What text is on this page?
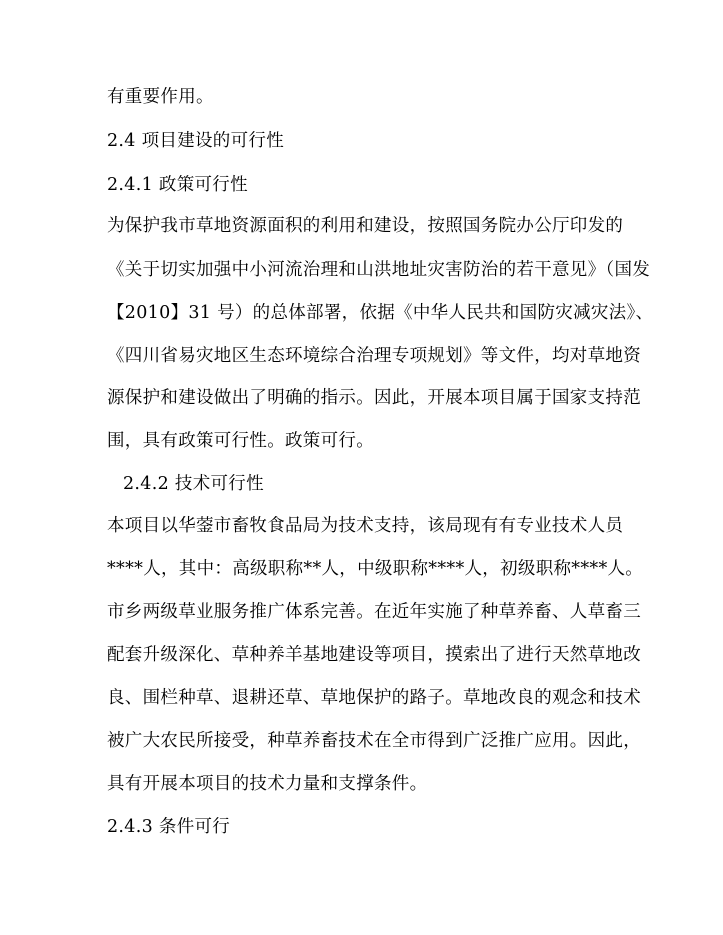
有重要作用。
2.4 项目建设的可行性
2.4.1 政策可行性
为保护我市草地资源面积的利用和建设，按照国务院办公厅印发的
《关于切实加强中小河流治理和山洪地址灾害防治的若干意见》（国发
【2010】31 号）的总体部署，依据《中华人民共和国防灾减灾法》、
《四川省易灾地区生态环境综合治理专项规划》等文件，均对草地资
源保护和建设做出了明确的指示。因此，开展本项目属于国家支持范
围，具有政策可行性。政策可行。
2.4.2 技术可行性
本项目以华蓥市畜牧食品局为技术支持，该局现有有专业技术人员
****人，其中：高级职称**人，中级职称****人，初级职称****人。
市乡两级草业服务推广体系完善。在近年实施了种草养畜、人草畜三
配套升级深化、草种养羊基地建设等项目，摸索出了进行天然草地改
良、围栏种草、退耕还草、草地保护的路子。草地改良的观念和技术
被广大农民所接受，种草养畜技术在全市得到广泛推广应用。因此，
具有开展本项目的技术力量和支撑条件。
2.4.3 条件可行
